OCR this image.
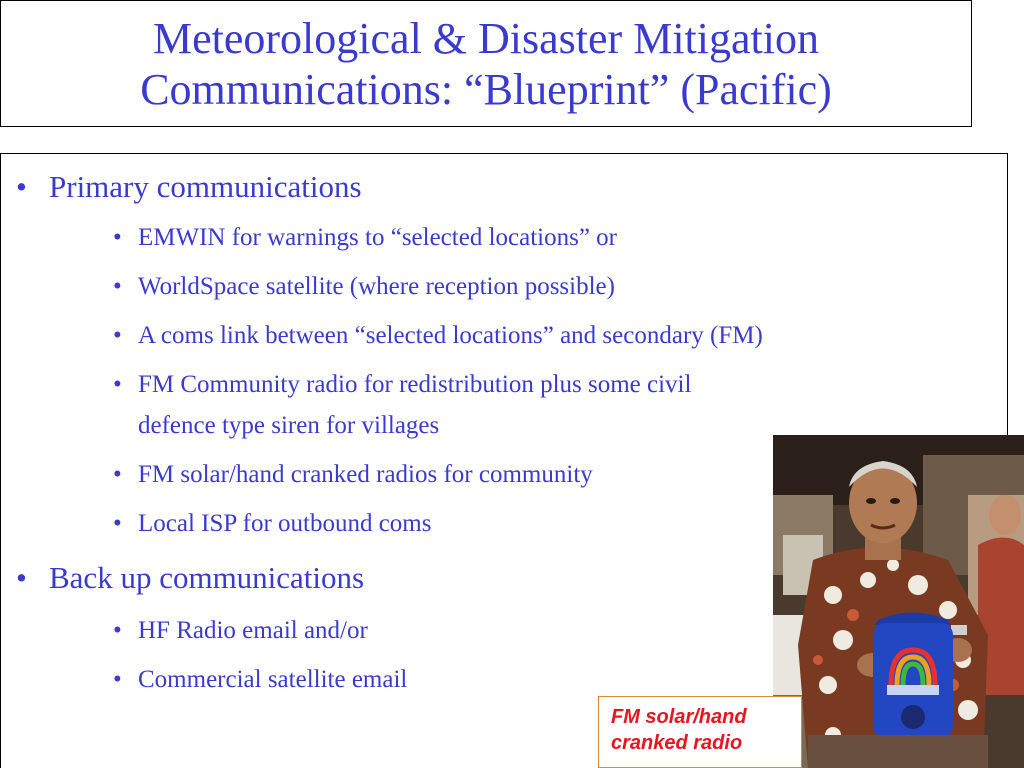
Meteorological & Disaster Mitigation
Communications: “Blueprint” (Pacific)
• Primary communications
• EMWIN for warnings to “selected locations” or
• WorldSpace satellite (where reception possible)
• A coms link between “selected locations” and secondary (FM)
• FM Community radio for redistribution plus some civil
defence type siren for villages
• FM solar/hand cranked radios for community
• Local ISP for outbound coms
• Back up communications
• HF Radio email and/or
• Commercial satellite email
FM solar/hand
cranked radio
